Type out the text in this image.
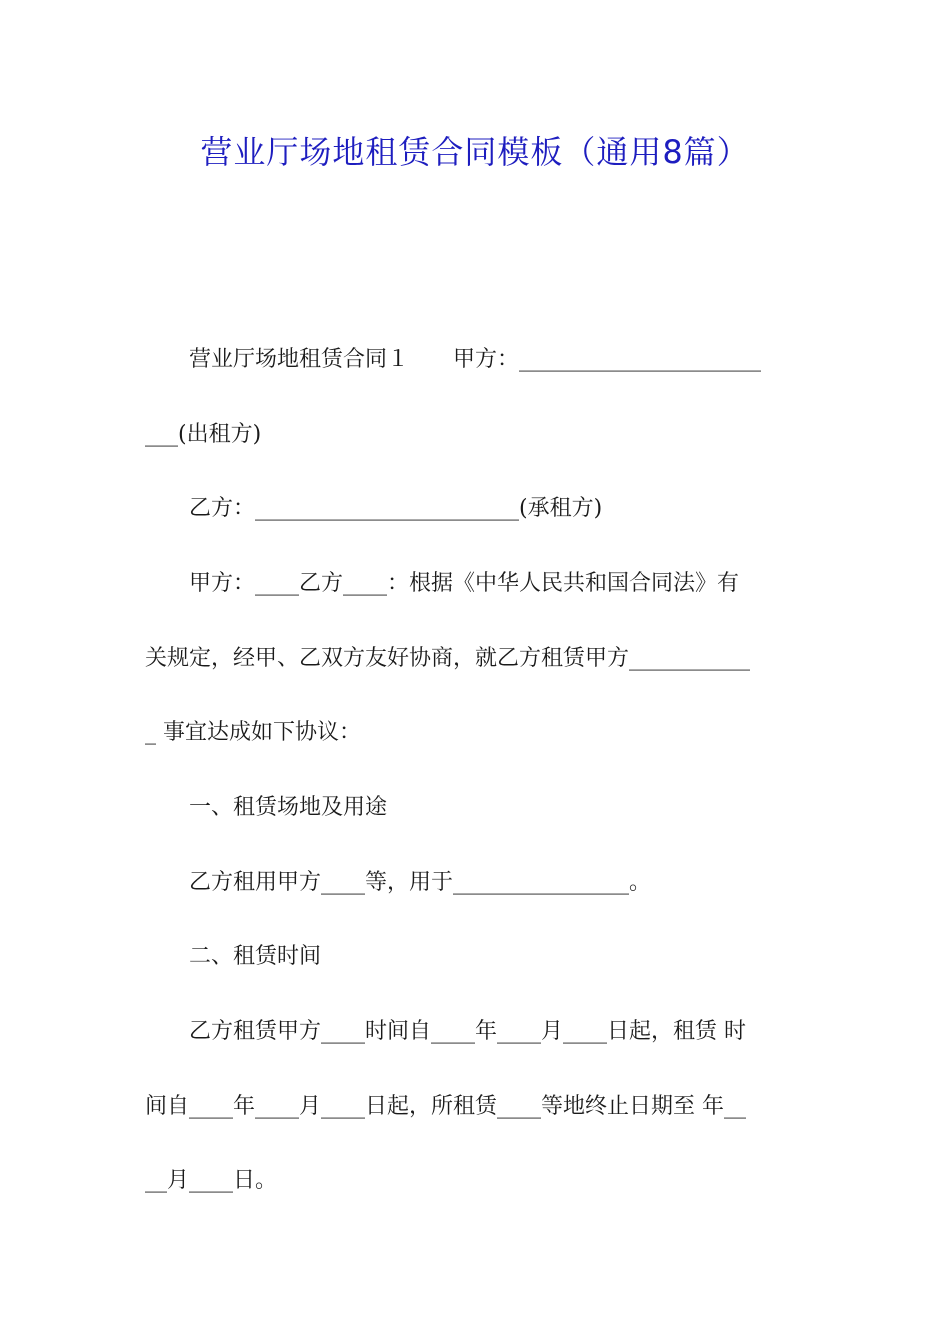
营业厅场地租赁合同模板（通用8篇）

　　营业厅场地租赁合同１　　甲方：______________________

___(出租方)

　　乙方：________________________(承租方)

　　甲方：____乙方____：根据《中华人民共和国合同法》有

关规定，经甲、乙双方友好协商，就乙方租赁甲方___________

_ 事宜达成如下协议：

　　一、租赁场地及用途

　　乙方租用甲方____等，用于________________。

　　二、租赁时间

　　乙方租赁甲方____时间自____年____月____日起，租赁 时

间自____年____月____日起，所租赁____等地终止日期至 年__

__月____日。
